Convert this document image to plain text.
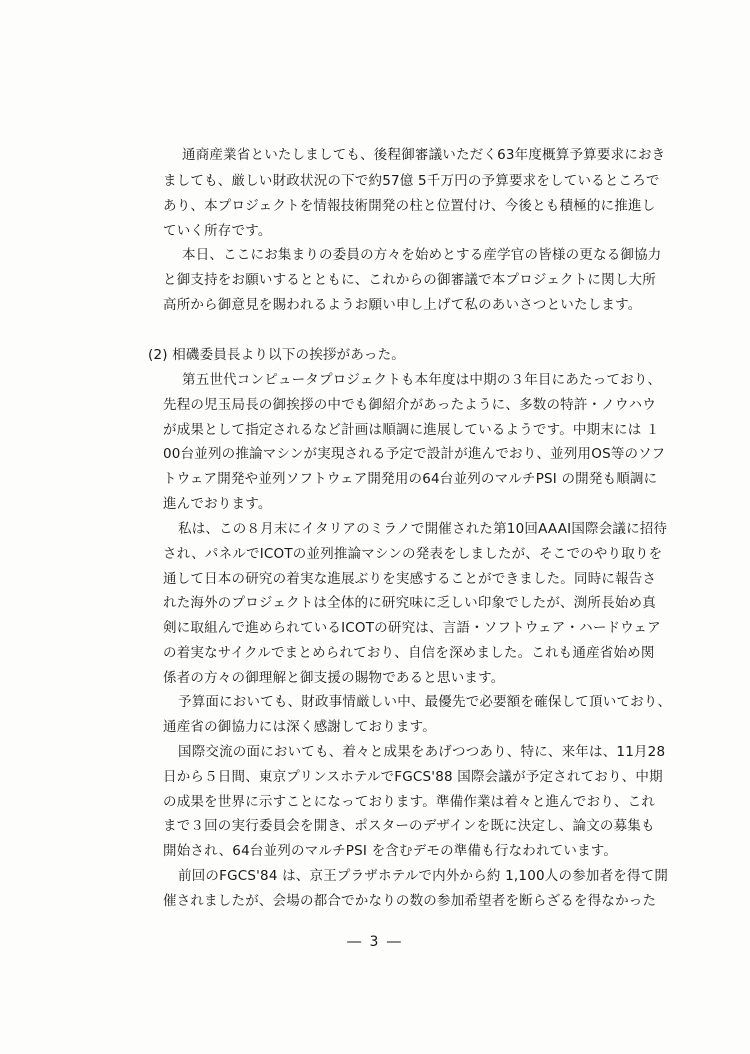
通商産業省といたしましても、後程御審議いただく63年度概算予算要求におき
ましても、厳しい財政状況の下で約57億 5千万円の予算要求をしているところで
あり、本プロジェクトを情報技術開発の柱と位置付け、今後とも積極的に推進し
ていく所存です。
本日、ここにお集まりの委員の方々を始めとする産学官の皆様の更なる御協力
と御支持をお願いするとともに、これからの御審議で本プロジェクトに関し大所
高所から御意見を賜われるようお願い申し上げて私のあいさつといたします。
(2) 相磯委員長より以下の挨拶があった。
第五世代コンピュータプロジェクトも本年度は中期の３年目にあたっており、
先程の児玉局長の御挨拶の中でも御紹介があったように、多数の特許・ノウハウ
が成果として指定されるなど計画は順調に進展しているようです。中期末には １
00台並列の推論マシンが実現される予定で設計が進んでおり、並列用OS等のソフ
トウェア開発や並列ソフトウェア開発用の64台並列のマルチPSI の開発も順調に
進んでおります。
私は、この８月末にイタリアのミラノで開催された第10回AAAI国際会議に招待
され、パネルでICOTの並列推論マシンの発表をしましたが、そこでのやり取りを
通して日本の研究の着実な進展ぶりを実感することができました。同時に報告さ
れた海外のプロジェクトは全体的に研究味に乏しい印象でしたが、渕所長始め真
剣に取組んで進められているICOTの研究は、言語・ソフトウェア・ハードウェア
の着実なサイクルでまとめられており、自信を深めました。これも通産省始め関
係者の方々の御理解と御支援の賜物であると思います。
予算面においても、財政事情厳しい中、最優先で必要額を確保して頂いており、
通産省の御協力には深く感謝しております。
国際交流の面においても、着々と成果をあげつつあり、特に、来年は、11月28
日から５日間、東京プリンスホテルでFGCS'88 国際会議が予定されており、中期
の成果を世界に示すことになっております。準備作業は着々と進んでおり、これ
まで３回の実行委員会を開き、ポスターのデザインを既に決定し、論文の募集も
開始され、64台並列のマルチPSI を含むデモの準備も行なわれています。
前回のFGCS'84 は、京王プラザホテルで内外から約 1,100人の参加者を得て開
催されましたが、会場の都合でかなりの数の参加希望者を断らざるを得なかった
― 3 ―
